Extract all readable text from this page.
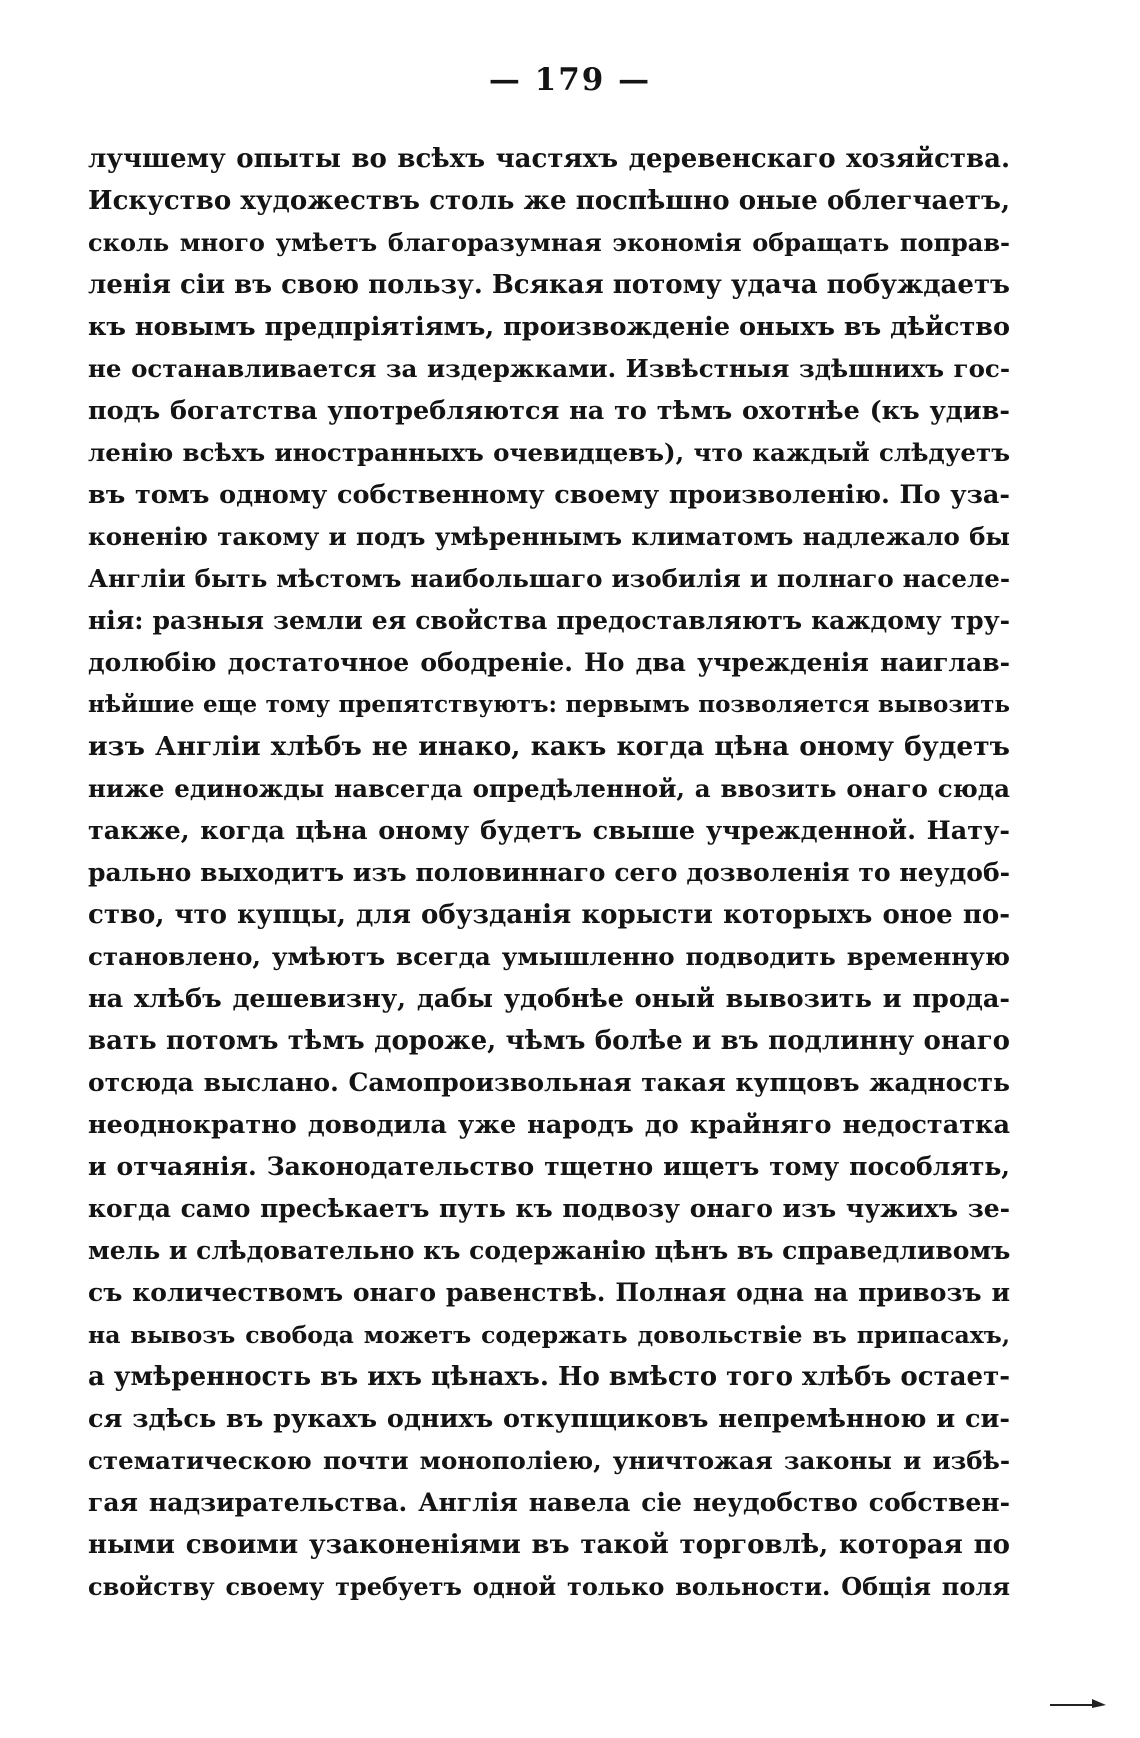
— 179 —
лучшему опыты во всѣхъ частяхъ деревенскаго хозяйства.
Искуство художествъ столь же поспѣшно оные облегчаетъ,
сколь много умѣетъ благоразумная экономія обращать поправ-
ленія сіи въ свою пользу. Всякая потому удача побуждаетъ
къ новымъ предпріятіямъ, произвожденіе оныхъ въ дѣйство
не останавливается за издержками. Извѣстныя здѣшнихъ гос-
подъ богатства употребляются на то тѣмъ охотнѣе (къ удив-
ленію всѣхъ иностранныхъ очевидцевъ), что каждый слѣдуетъ
въ томъ одному собственному своему произволенію. По уза-
коненію такому и подъ умѣреннымъ климатомъ надлежало бы
Англіи быть мѣстомъ наибольшаго изобилія и полнаго населе-
нія: разныя земли ея свойства предоставляютъ каждому тру-
долюбію достаточное ободреніе. Но два учрежденія наиглав-
нѣйшие еще тому препятствуютъ: первымъ позволяется вывозить
изъ Англіи хлѣбъ не инако, какъ когда цѣна оному будетъ
ниже единожды навсегда опредѣленной, а ввозить онаго сюда
также, когда цѣна оному будетъ свыше учрежденной. Нату-
рально выходитъ изъ половиннаго сего дозволенія то неудоб-
ство, что купцы, для обузданія корысти которыхъ оное по-
становлено, умѣютъ всегда умышленно подводить временную
на хлѣбъ дешевизну, дабы удобнѣе оный вывозить и прода-
вать потомъ тѣмъ дороже, чѣмъ болѣе и въ подлинну онаго
отсюда выслано. Самопроизвольная такая купцовъ жадность
неоднократно доводила уже народъ до крайняго недостатка
и отчаянія. Законодательство тщетно ищетъ тому пособлять,
когда само пресѣкаетъ путь къ подвозу онаго изъ чужихъ зе-
мель и слѣдовательно къ содержанію цѣнъ въ справедливомъ
съ количествомъ онаго равенствѣ. Полная одна на привозъ и
на вывозъ свобода можетъ содержать довольствіе въ припасахъ,
а умѣренность въ ихъ цѣнахъ. Но вмѣсто того хлѣбъ остает-
ся здѣсь въ рукахъ однихъ откупщиковъ непремѣнною и си-
стематическою почти монополіею, уничтожая законы и избѣ-
гая надзирательства. Англія навела сіе неудобство собствен-
ными своими узаконеніями въ такой торговлѣ, которая по
свойству своему требуетъ одной только вольности. Общія поля
